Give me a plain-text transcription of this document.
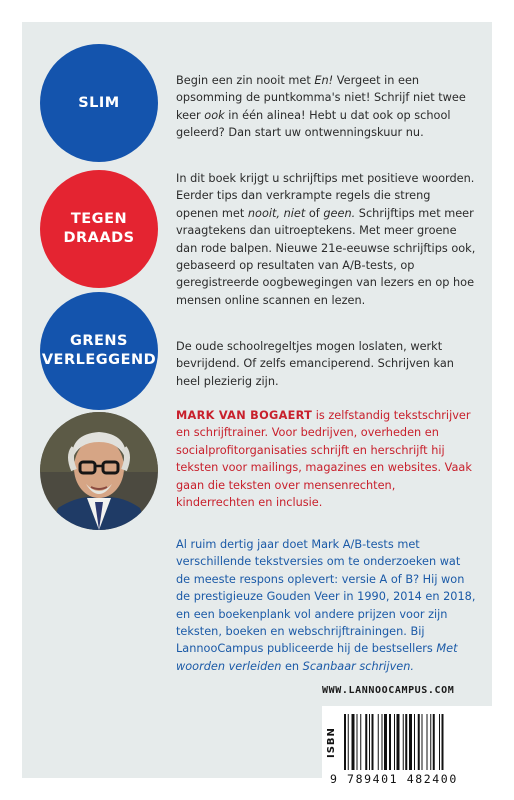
SLIM
TEGEN
DRAADS
GRENS
VERLEGGEND

Begin een zin nooit met En! Vergeet in een opsomming de puntkomma's niet! Schrijf niet twee keer ook in één alinea! Hebt u dat ook op school geleerd? Dan start uw ontwenningskuur nu.

In dit boek krijgt u schrijftips met positieve woorden. Eerder tips dan verkrampte regels die streng openen met nooit, niet of geen. Schrijftips met meer vraagtekens dan uitroeptekens. Met meer groene dan rode balpen. Nieuwe 21e-eeuwse schrijftips ook, gebaseerd op resultaten van A/B-tests, op geregistreerde oogbewegingen van lezers en op hoe mensen online scannen en lezen.

De oude schoolregeltjes mogen loslaten, werkt bevrijdend. Of zelfs emanciperend. Schrijven kan heel plezierig zijn.

MARK VAN BOGAERT is zelfstandig tekstschrijver en schrijftrainer. Voor bedrijven, overheden en socialprofitorganisaties schrijft en herschrijft hij teksten voor mailings, magazines en websites. Vaak gaan die teksten over mensenrechten, kinderrechten en inclusie.

Al ruim dertig jaar doet Mark A/B-tests met verschillende tekstversies om te onderzoeken wat de meeste respons oplevert: versie A of B? Hij won de prestigieuze Gouden Veer in 1990, 2014 en 2018, en een boekenplank vol andere prijzen voor zijn teksten, boeken en webschrijftrainingen. Bij LannooCampus publiceerde hij de bestsellers Met woorden verleiden en Scanbaar schrijven.

WWW.LANNOOCAMPUS.COM
ISBN
9 789401 482400
